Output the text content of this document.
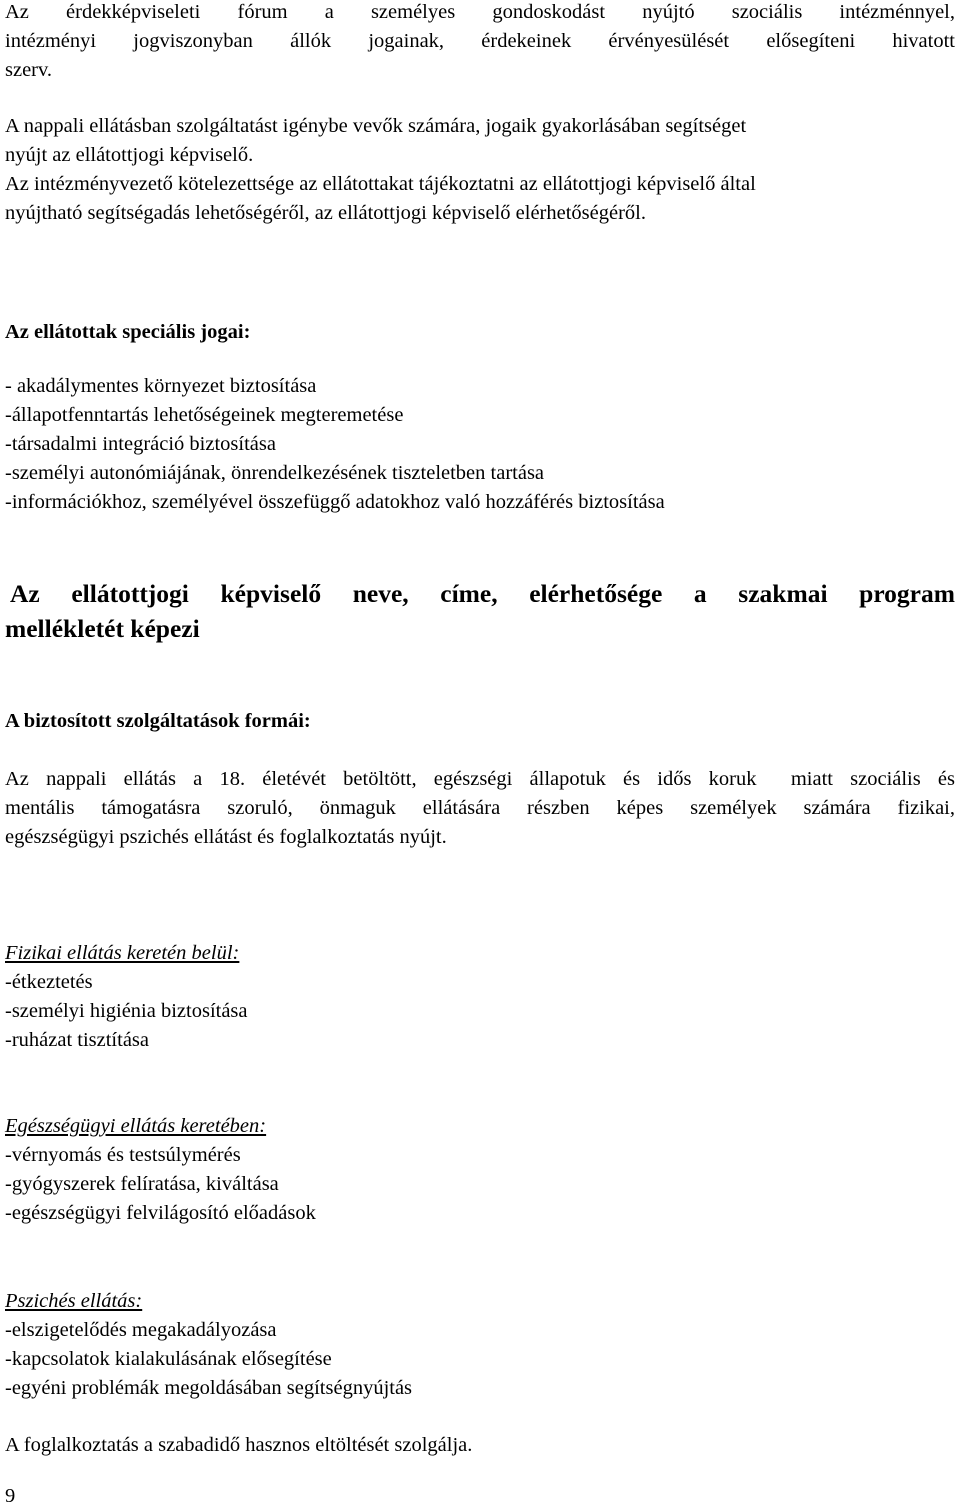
Az érdekképviseleti fórum a személyes gondoskodást nyújtó szociális intézménnyel,

intézményi jogviszonyban állók jogainak, érdekeinek érvényesülését elősegíteni hivatott

szerv.

A nappali ellátásban szolgáltatást igénybe vevők számára, jogaik gyakorlásában segítséget

nyújt az ellátottjogi képviselő.

Az intézményvezető kötelezettsége az ellátottakat tájékoztatni az ellátottjogi képviselő által

nyújtható segítségadás lehetőségéről, az ellátottjogi képviselő elérhetőségéről.

Az ellátottak speciális jogai:

- akadálymentes környezet biztosítása
-állapotfenntartás lehetőségeinek megteremetése
-társadalmi integráció biztosítása
-személyi autonómiájának, önrendelkezésének tiszteletben tartása
-információkhoz, személyével összefüggő adatokhoz való hozzáférés biztosítása
Az ellátottjogi képviselő neve, címe, elérhetősége a szakmai program
mellékletét képezi

A biztosított szolgáltatások formái:

Az nappali ellátás a 18. életévét betöltött, egészségi állapotuk és idős koruk  miatt szociális és

mentális támogatásra szoruló, önmaguk ellátására részben képes személyek számára fizikai,

egészségügyi pszichés ellátást és foglalkoztatás nyújt.

Fizikai ellátás keretén belül:
-étkeztetés
-személyi higiénia biztosítása
-ruházat tisztítása
Egészségügyi ellátás keretében:
-vérnyomás és testsúlymérés
-gyógyszerek felíratása, kiváltása
-egészségügyi felvilágosító előadások
Pszichés ellátás:
-elszigetelődés megakadályozása
-kapcsolatok kialakulásának elősegítése
-egyéni problémák megoldásában segítségnyújtás

A foglalkoztatás a szabadidő hasznos eltöltését szolgálja.

9
